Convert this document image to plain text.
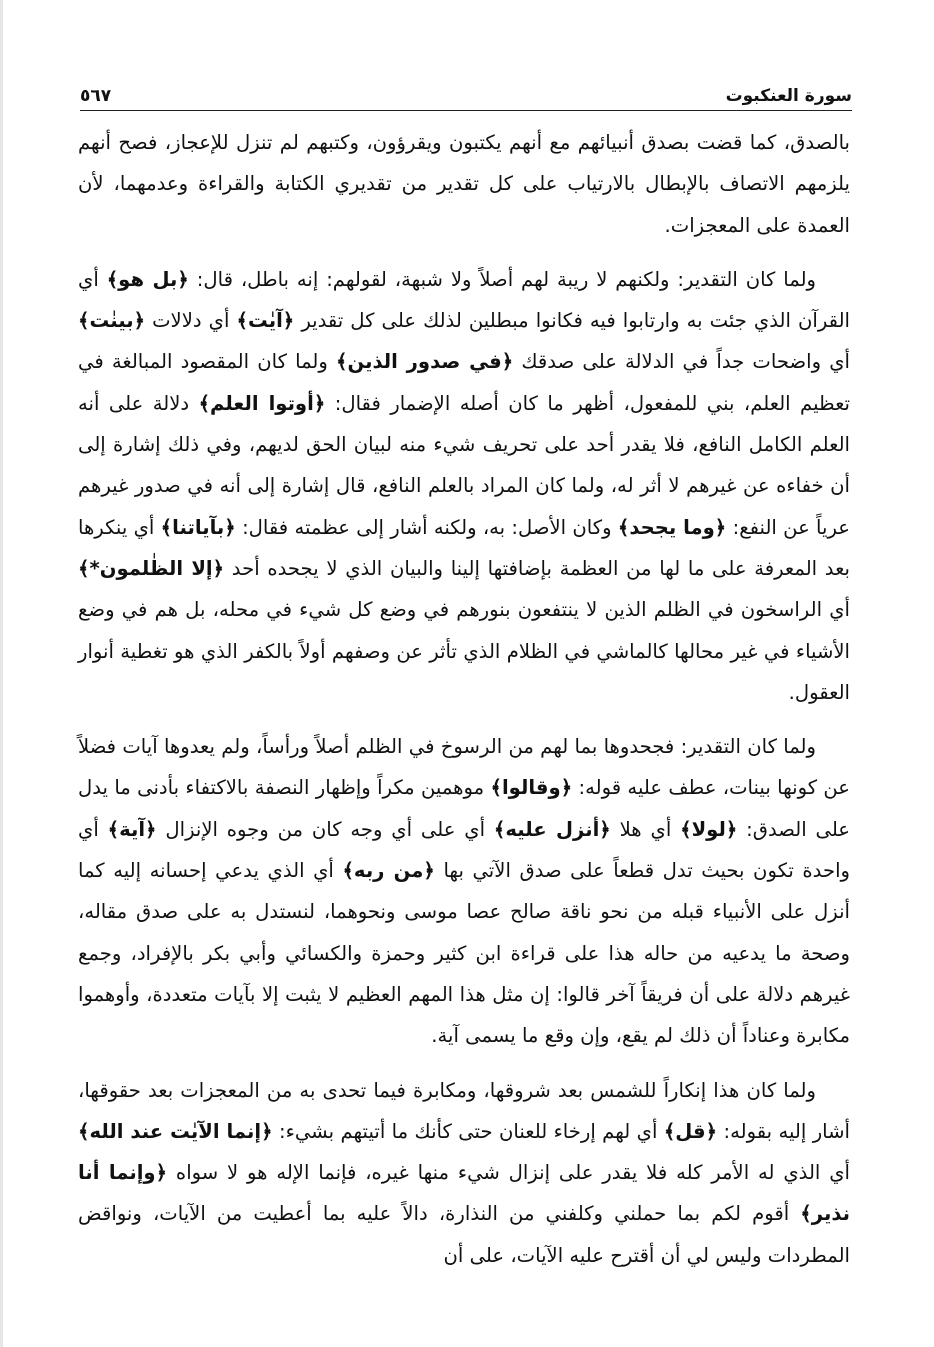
سورة العنكبوت
٥٦٧

بالصدق، كما قضت بصدق أنبيائهم مع أنهم يكتبون ويقرؤون، وكتبهم لم تنزل للإعجاز، فصح أنهم يلزمهم الاتصاف بالإبطال بالارتياب على كل تقدير من تقديري الكتابة والقراءة وعدمهما، لأن العمدة على المعجزات.

ولما كان التقدير: ولكنهم لا ريبة لهم أصلاً ولا شبهة، لقولهم: إنه باطل، قال: ﴿بل هو﴾ أي القرآن الذي جئت به وارتابوا فيه فكانوا مبطلين لذلك على كل تقدير ﴿آيٰت﴾ أي دلالات ﴿بينٰت﴾ أي واضحات جداً في الدلالة على صدقك ﴿في صدور الذين﴾ ولما كان المقصود المبالغة في تعظيم العلم، بني للمفعول، أظهر ما كان أصله الإضمار فقال: ﴿أوتوا العلم﴾ دلالة على أنه العلم الكامل النافع، فلا يقدر أحد على تحريف شيء منه لبيان الحق لديهم، وفي ذلك إشارة إلى أن خفاءه عن غيرهم لا أثر له، ولما كان المراد بالعلم النافع، قال إشارة إلى أنه في صدور غيرهم عرياً عن النفع: ﴿وما يجحد﴾ وكان الأصل: به، ولكنه أشار إلى عظمته فقال: ﴿بآياتنا﴾ أي ينكرها بعد المعرفة على ما لها من العظمة بإضافتها إلينا والبيان الذي لا يجحده أحد ﴿إلا الظٰلمون*﴾ أي الراسخون في الظلم الذين لا ينتفعون بنورهم في وضع كل شيء في محله، بل هم في وضع الأشياء في غير محالها كالماشي في الظلام الذي تأثر عن وصفهم أولاً بالكفر الذي هو تغطية أنوار العقول.

ولما كان التقدير: فجحدوها بما لهم من الرسوخ في الظلم أصلاً ورأساً، ولم يعدوها آيات فضلاً عن كونها بينات، عطف عليه قوله: ﴿وقالوا﴾ موهمين مكراً وإظهار النصفة بالاكتفاء بأدنى ما يدل على الصدق: ﴿لولا﴾ أي هلا ﴿أنزل عليه﴾ أي على أي وجه كان من وجوه الإنزال ﴿آية﴾ أي واحدة تكون بحيث تدل قطعاً على صدق الآتي بها ﴿من ربه﴾ أي الذي يدعي إحسانه إليه كما أنزل على الأنبياء قبله من نحو ناقة صالح عصا موسى ونحوهما، لنستدل به على صدق مقاله، وصحة ما يدعيه من حاله هذا على قراءة ابن كثير وحمزة والكسائي وأبي بكر بالإفراد، وجمع غيرهم دلالة على أن فريقاً آخر قالوا: إن مثل هذا المهم العظيم لا يثبت إلا بآيات متعددة، وأوهموا مكابرة وعناداً أن ذلك لم يقع، وإن وقع ما يسمى آية.

ولما كان هذا إنكاراً للشمس بعد شروقها، ومكابرة فيما تحدى به من المعجزات بعد حقوقها، أشار إليه بقوله: ﴿قل﴾ أي لهم إرخاء للعنان حتى كأنك ما أتيتهم بشيء: ﴿إنما الآيٰت عند الله﴾ أي الذي له الأمر كله فلا يقدر على إنزال شيء منها غيره، فإنما الإله هو لا سواه ﴿وإنما أنا نذير﴾ أقوم لكم بما حملني وكلفني من النذارة، دالاً عليه بما أعطيت من الآيات، ونواقض المطردات وليس لي أن أقترح عليه الآيات، على أن
